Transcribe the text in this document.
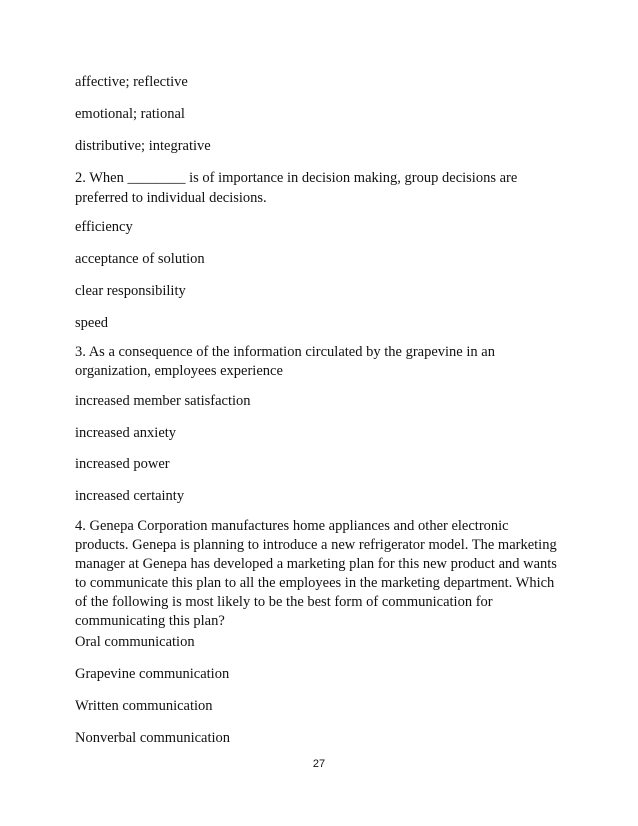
affective; reflective
emotional; rational
distributive; integrative
2. When ________ is of importance in decision making, group decisions are
preferred to individual decisions.
efficiency
acceptance of solution
clear responsibility
speed
3. As a consequence of the information circulated by the grapevine in an
organization, employees experience
increased member satisfaction
increased anxiety
increased power
increased certainty
4. Genepa Corporation manufactures home appliances and other electronic
products. Genepa is planning to introduce a new refrigerator model. The marketing
manager at Genepa has developed a marketing plan for this new product and wants
to communicate this plan to all the employees in the marketing department. Which
of the following is most likely to be the best form of communication for
communicating this plan?
Oral communication
Grapevine communication
Written communication
Nonverbal communication
27
